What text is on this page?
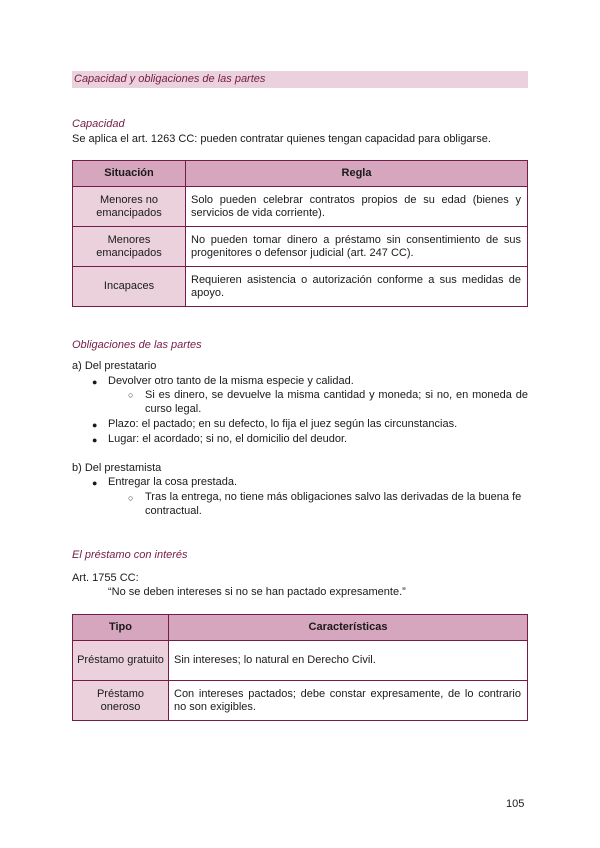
Capacidad y obligaciones de las partes
Capacidad
Se aplica el art. 1263 CC: pueden contratar quienes tengan capacidad para obligarse.
Situación	Regla
Menores no emancipados	Solo pueden celebrar contratos propios de su edad (bienes y servicios de vida corriente).
Menores emancipados	No pueden tomar dinero a préstamo sin consentimiento de sus progenitores o defensor judicial (art. 247 CC).
Incapaces	Requieren asistencia o autorización conforme a sus medidas de apoyo.
Obligaciones de las partes
a) Del prestatario
● Devolver otro tanto de la misma especie y calidad.
○ Si es dinero, se devuelve la misma cantidad y moneda; si no, en moneda de curso legal.
● Plazo: el pactado; en su defecto, lo fija el juez según las circunstancias.
● Lugar: el acordado; si no, el domicilio del deudor.
b) Del prestamista
● Entregar la cosa prestada.
○ Tras la entrega, no tiene más obligaciones salvo las derivadas de la buena fe contractual.
El préstamo con interés
Art. 1755 CC:
“No se deben intereses si no se han pactado expresamente.”
Tipo	Características
Préstamo gratuito	Sin intereses; lo natural en Derecho Civil.
Préstamo oneroso	Con intereses pactados; debe constar expresamente, de lo contrario no son exigibles.
105
